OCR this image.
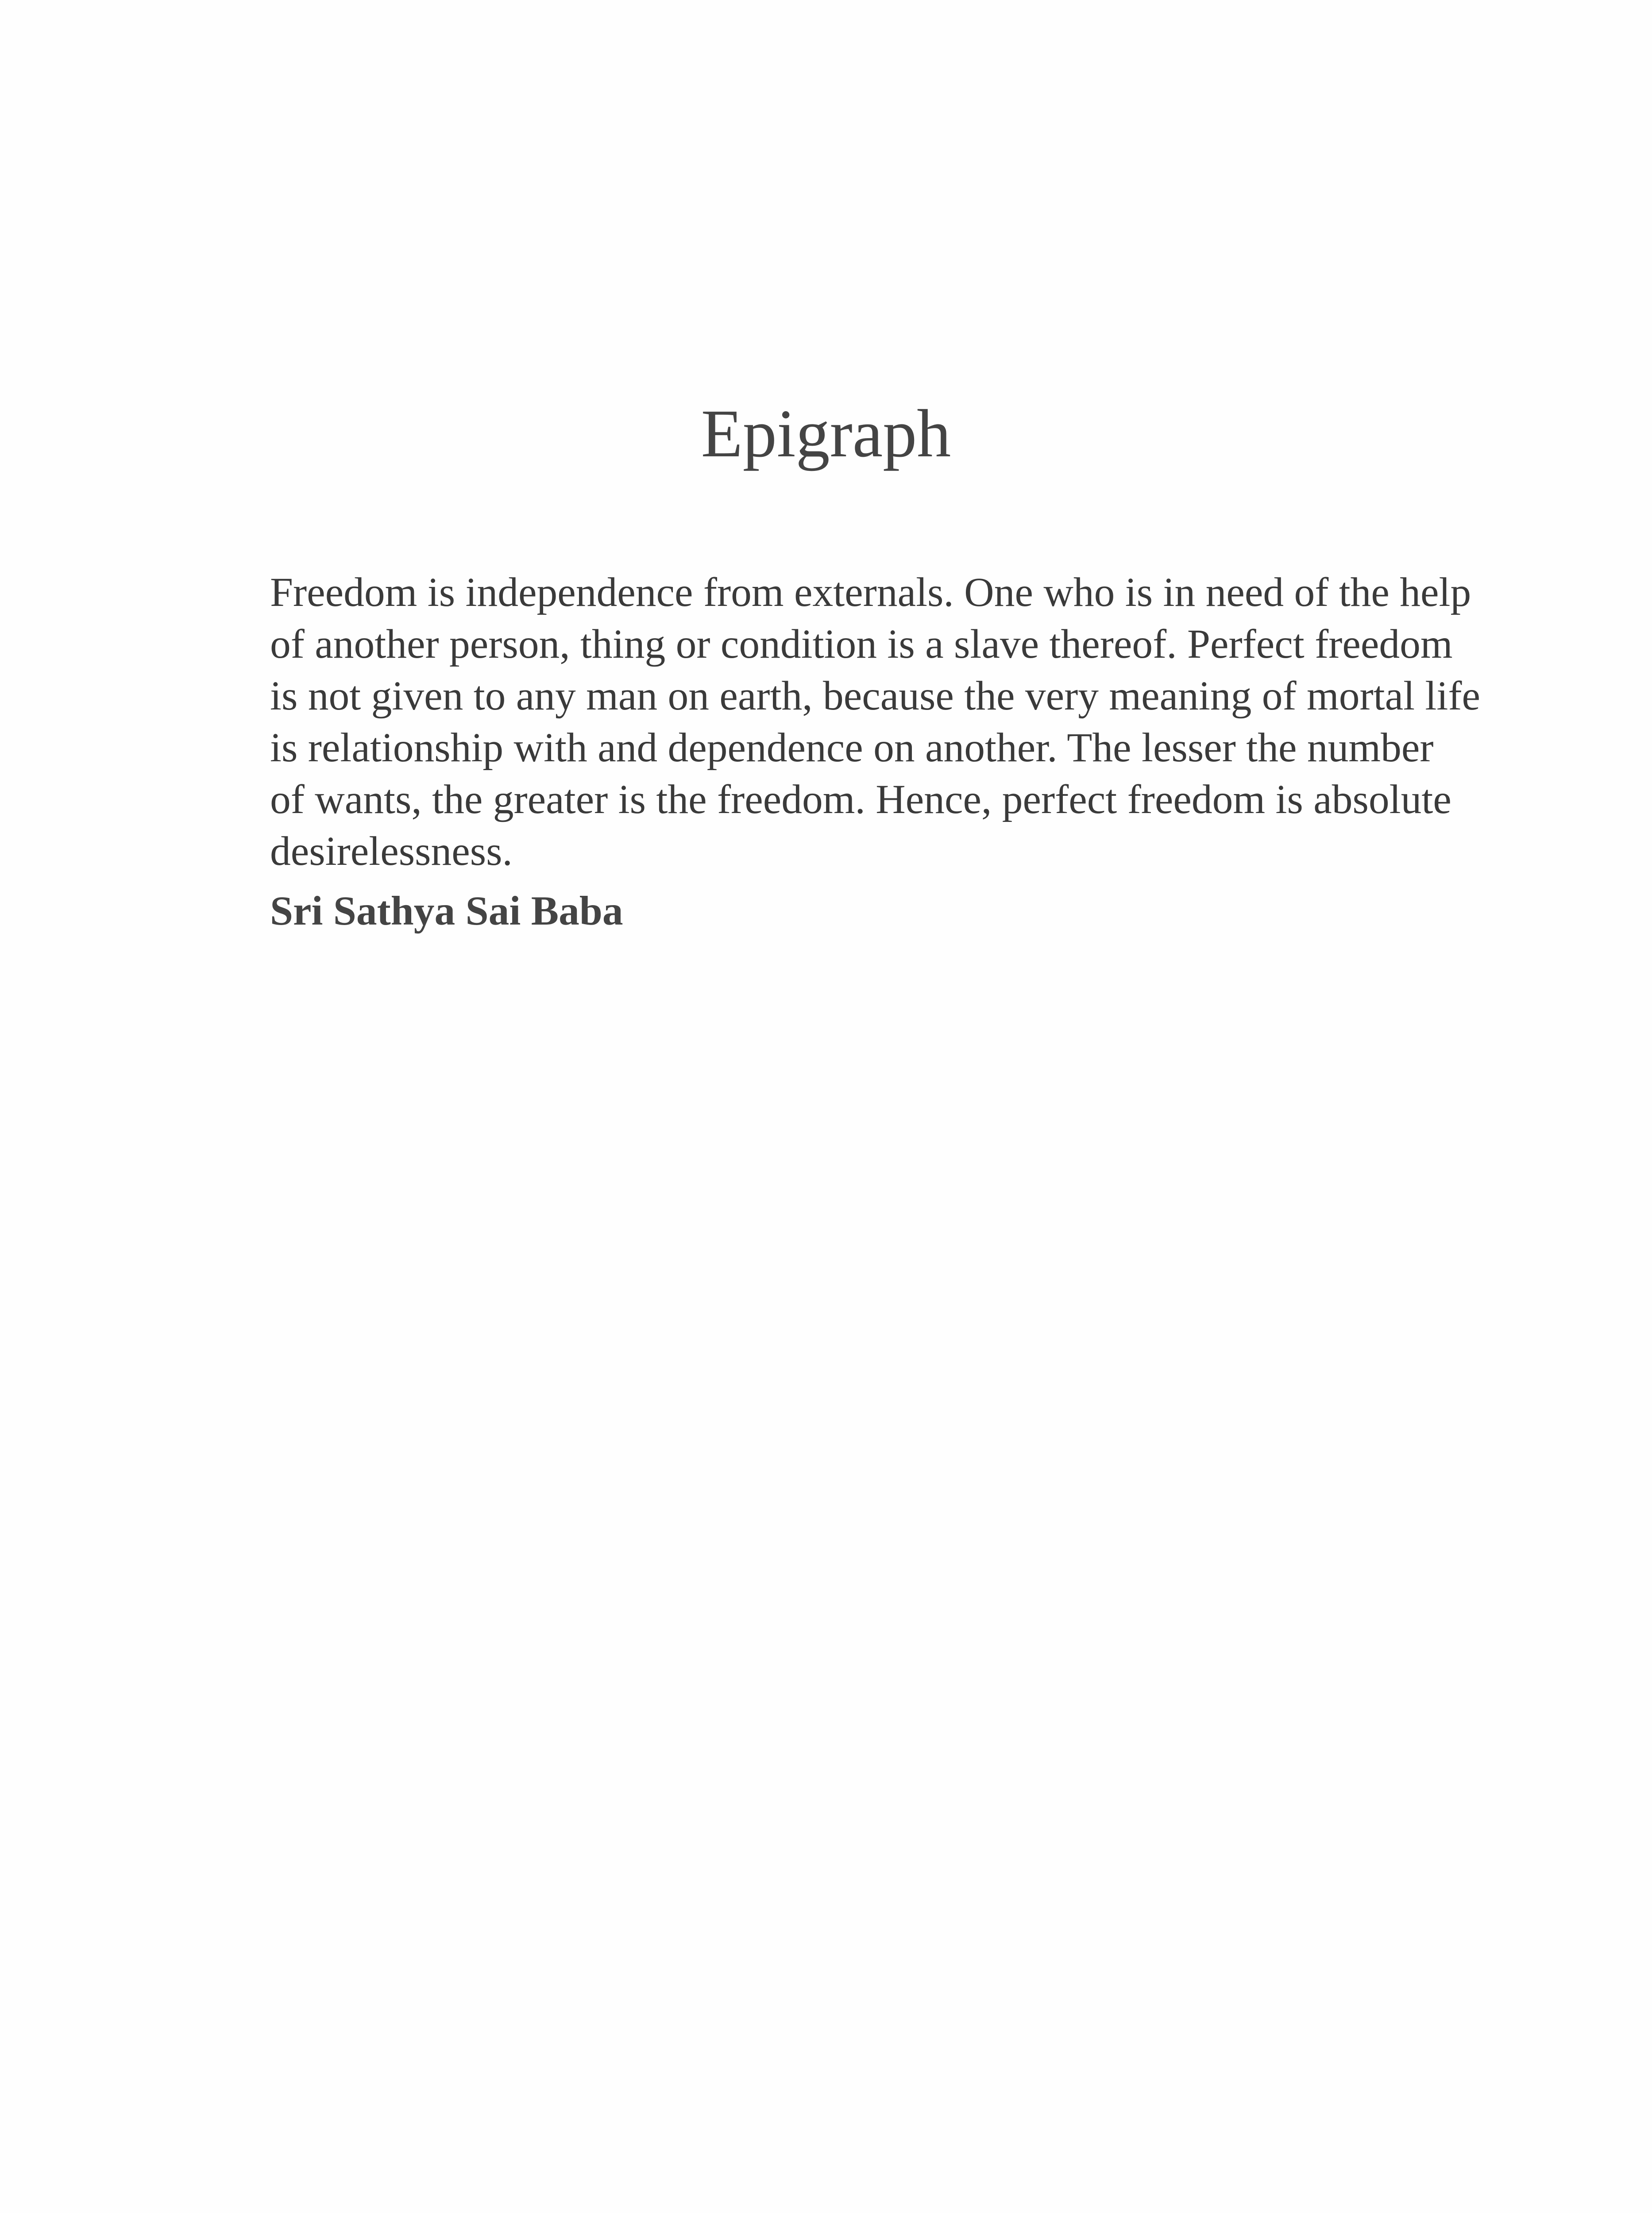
Epigraph
Freedom is independence from externals. One who is in need of the help
of another person, thing or condition is a slave thereof. Perfect freedom
is not given to any man on earth, because the very meaning of mortal life
is relationship with and dependence on another. The lesser the number
of wants, the greater is the freedom. Hence, perfect freedom is absolute
desirelessness.

Sri Sathya Sai Baba
